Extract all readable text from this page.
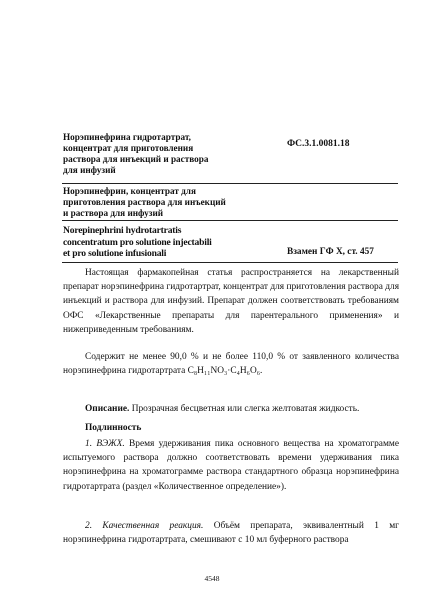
Норэпинефрина гидротартрат,
концентрат для приготовления
раствора для инъекций и раствора
для инфузий
ФС.3.1.0081.18
Норэпинефрин, концентрат для
приготовления раствора для инъекций
и раствора для инфузий
Norepinephrini hydrotartratis
concentratum pro solutione injectabili
et pro solutione infusionali	Взамен ГФ X, ст. 457

Настоящая фармакопейная статья распространяется на лекарственный препарат норэпинефрина гидротартрат, концентрат для приготовления раствора для инъекций и раствора для инфузий. Препарат должен соответствовать требованиям ОФС «Лекарственные препараты для парентерального применения» и нижеприведенным требованиям.

Содержит не менее 90,0 % и не более 110,0 % от заявленного количества норэпинефрина гидротартрата C₈H₁₁NO₃·C₄H₆O₆.

Описание. Прозрачная бесцветная или слегка желтоватая жидкость.

Подлинность

1. ВЭЖХ. Время удерживания пика основного вещества на хроматограмме испытуемого раствора должно соответствовать времени удерживания пика норэпинефрина на хроматограмме раствора стандартного образца норэпинефрина гидротартрата (раздел «Количественное определение»).

2. Качественная реакция. Объём препарата, эквивалентный 1 мг норэпинефрина гидротартрата, смешивают с 10 мл буферного раствора

4548
